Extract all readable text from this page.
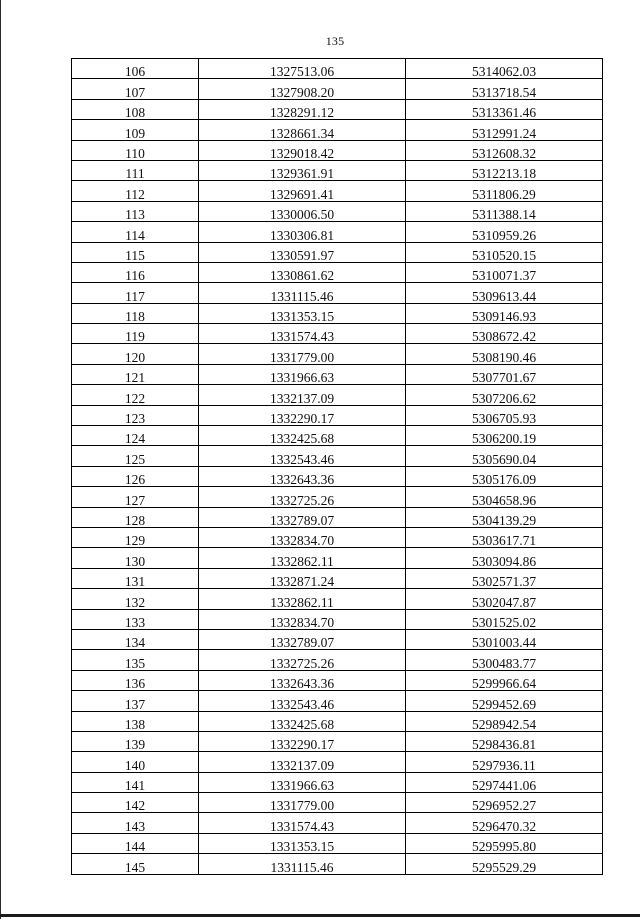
135
106	1327513.06	5314062.03
107	1327908.20	5313718.54
108	1328291.12	5313361.46
109	1328661.34	5312991.24
110	1329018.42	5312608.32
111	1329361.91	5312213.18
112	1329691.41	5311806.29
113	1330006.50	5311388.14
114	1330306.81	5310959.26
115	1330591.97	5310520.15
116	1330861.62	5310071.37
117	1331115.46	5309613.44
118	1331353.15	5309146.93
119	1331574.43	5308672.42
120	1331779.00	5308190.46
121	1331966.63	5307701.67
122	1332137.09	5307206.62
123	1332290.17	5306705.93
124	1332425.68	5306200.19
125	1332543.46	5305690.04
126	1332643.36	5305176.09
127	1332725.26	5304658.96
128	1332789.07	5304139.29
129	1332834.70	5303617.71
130	1332862.11	5303094.86
131	1332871.24	5302571.37
132	1332862.11	5302047.87
133	1332834.70	5301525.02
134	1332789.07	5301003.44
135	1332725.26	5300483.77
136	1332643.36	5299966.64
137	1332543.46	5299452.69
138	1332425.68	5298942.54
139	1332290.17	5298436.81
140	1332137.09	5297936.11
141	1331966.63	5297441.06
142	1331779.00	5296952.27
143	1331574.43	5296470.32
144	1331353.15	5295995.80
145	1331115.46	5295529.29
